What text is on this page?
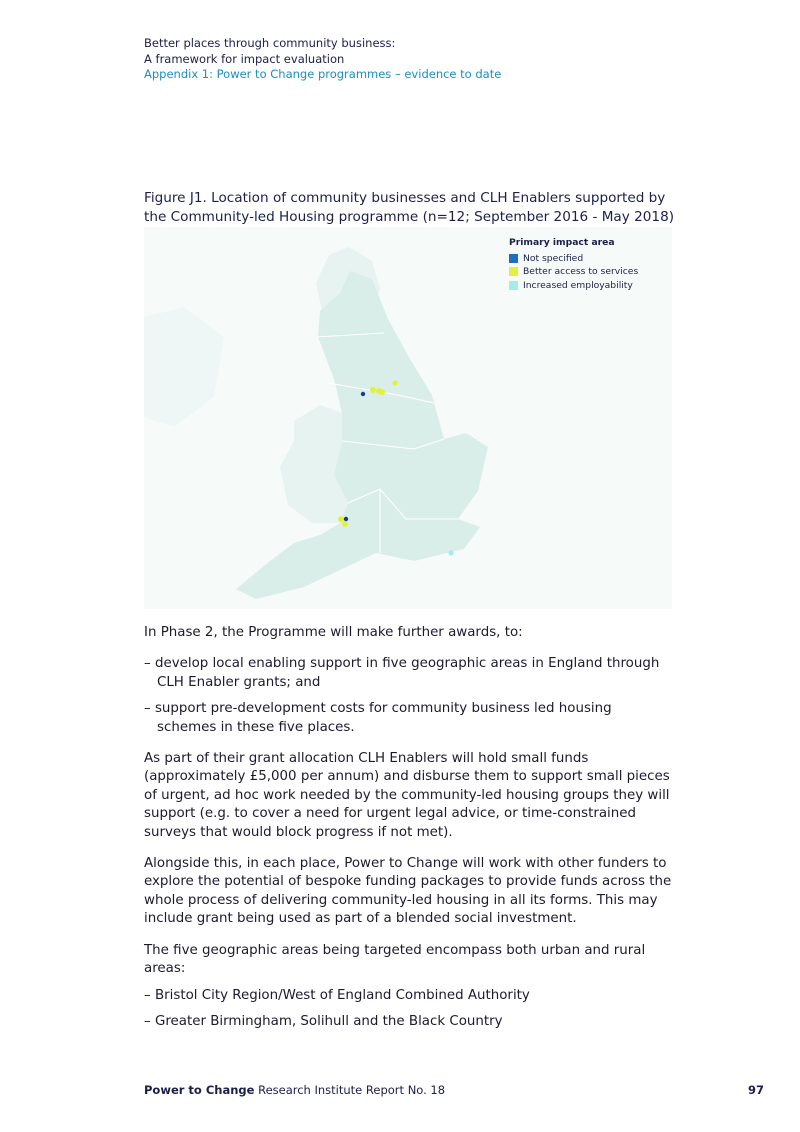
Better places through community business:
A framework for impact evaluation
Appendix 1: Power to Change programmes – evidence to date
Figure J1. Location of community businesses and CLH Enablers supported by the Community-led Housing programme (n=12; September 2016 - May 2018)
Primary impact area
Not specified
Better access to services
Increased employability

In Phase 2, the Programme will make further awards, to:

– develop local enabling support in five geographic areas in England through CLH Enabler grants; and

– support pre-development costs for community business led housing schemes in these five places.

As part of their grant allocation CLH Enablers will hold small funds (approximately £5,000 per annum) and disburse them to support small pieces of urgent, ad hoc work needed by the community-led housing groups they will support (e.g. to cover a need for urgent legal advice, or time-constrained surveys that would block progress if not met).

Alongside this, in each place, Power to Change will work with other funders to explore the potential of bespoke funding packages to provide funds across the whole process of delivering community-led housing in all its forms. This may include grant being used as part of a blended social investment.

The five geographic areas being targeted encompass both urban and rural areas:

– Bristol City Region/West of England Combined Authority

– Greater Birmingham, Solihull and the Black Country

Power to Change Research Institute Report No. 18	97
